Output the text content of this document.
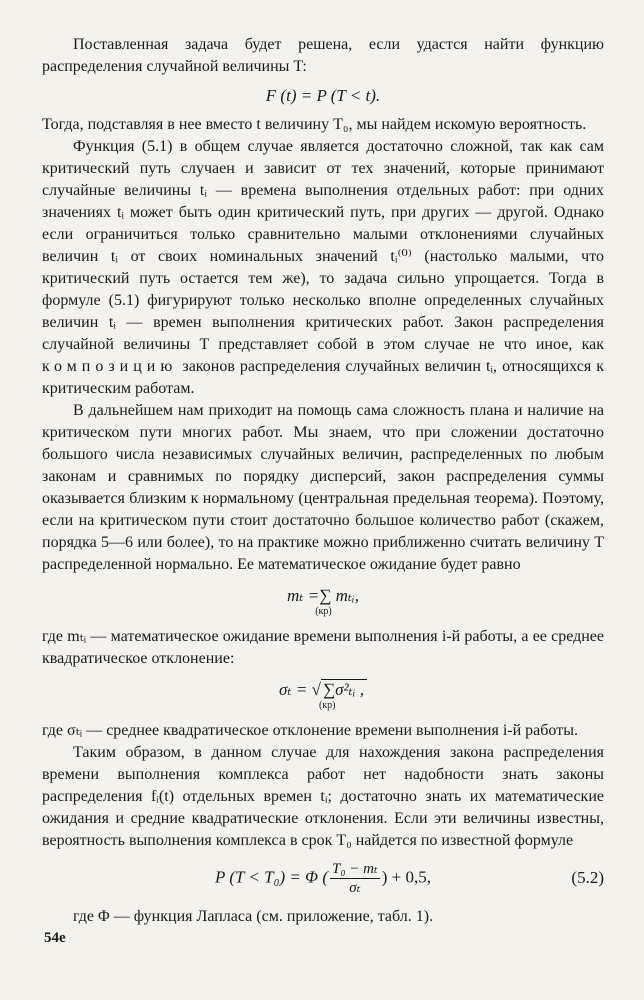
Поставленная задача будет решена, если удастся найти функцию распределения случайной величины T:

F (t) = P (T < t).

Тогда, подставляя в нее вместо t величину T₀, мы найдем искомую вероятность.

Функция (5.1) в общем случае является достаточно сложной, так как сам критический путь случаен и зависит от тех значений, которые принимают случайные величины tᵢ — времена выполнения отдельных работ: при одних значениях tᵢ может быть один критический путь, при других — другой. Однако если ограничиться только сравнительно малыми отклонениями случайных величин tᵢ от своих номинальных значений tᵢ⁽⁰⁾ (настолько малыми, что критический путь остается тем же), то задача сильно упрощается. Тогда в формуле (5.1) фигурируют только несколько вполне определенных случайных величин tᵢ — времен выполнения критических работ. Закон распределения случайной величины T представляет собой в этом случае не что иное, как композицию законов распределения случайных величин tᵢ, относящихся к критическим работам.

В дальнейшем нам приходит на помощь сама сложность плана и наличие на критическом пути многих работ. Мы знаем, что при сложении достаточно большого числа независимых случайных величин, распределенных по любым законам и сравнимых по порядку дисперсий, закон распределения суммы оказывается близким к нормальному (центральная предельная теорема). Поэтому, если на критическом пути стоит достаточно большое количество работ (скажем, порядка 5—6 или более), то на практике можно приближенно считать величину T распределенной нормально. Ее математическое ожидание будет равно

mₜ =∑
(кр)
mₜᵢ,

где mₜᵢ — математическое ожидание времени выполнения i-й работы, а ее среднее квадратическое отклонение:

σₜ = √ ∑
(кр)
σ²ₜᵢ ,

где σₜᵢ — среднее квадратическое отклонение времени выполнения i-й работы.

Таким образом, в данном случае для нахождения закона распределения времени выполнения комплекса работ нет надобности знать законы распределения fᵢ(t) отдельных времен tᵢ; достаточно знать их математические ожидания и средние квадратические отклонения. Если эти величины известны, вероятность выполнения комплекса в срок T₀ найдется по известной формуле

P (T < T₀) = Φ ( $\frac{\text{T₀ − mₜ}}{\text{σₜ}}$ ) + 0,5,	(5.2)

где Φ — функция Лапласа (см. приложение, табл. 1).

54e
